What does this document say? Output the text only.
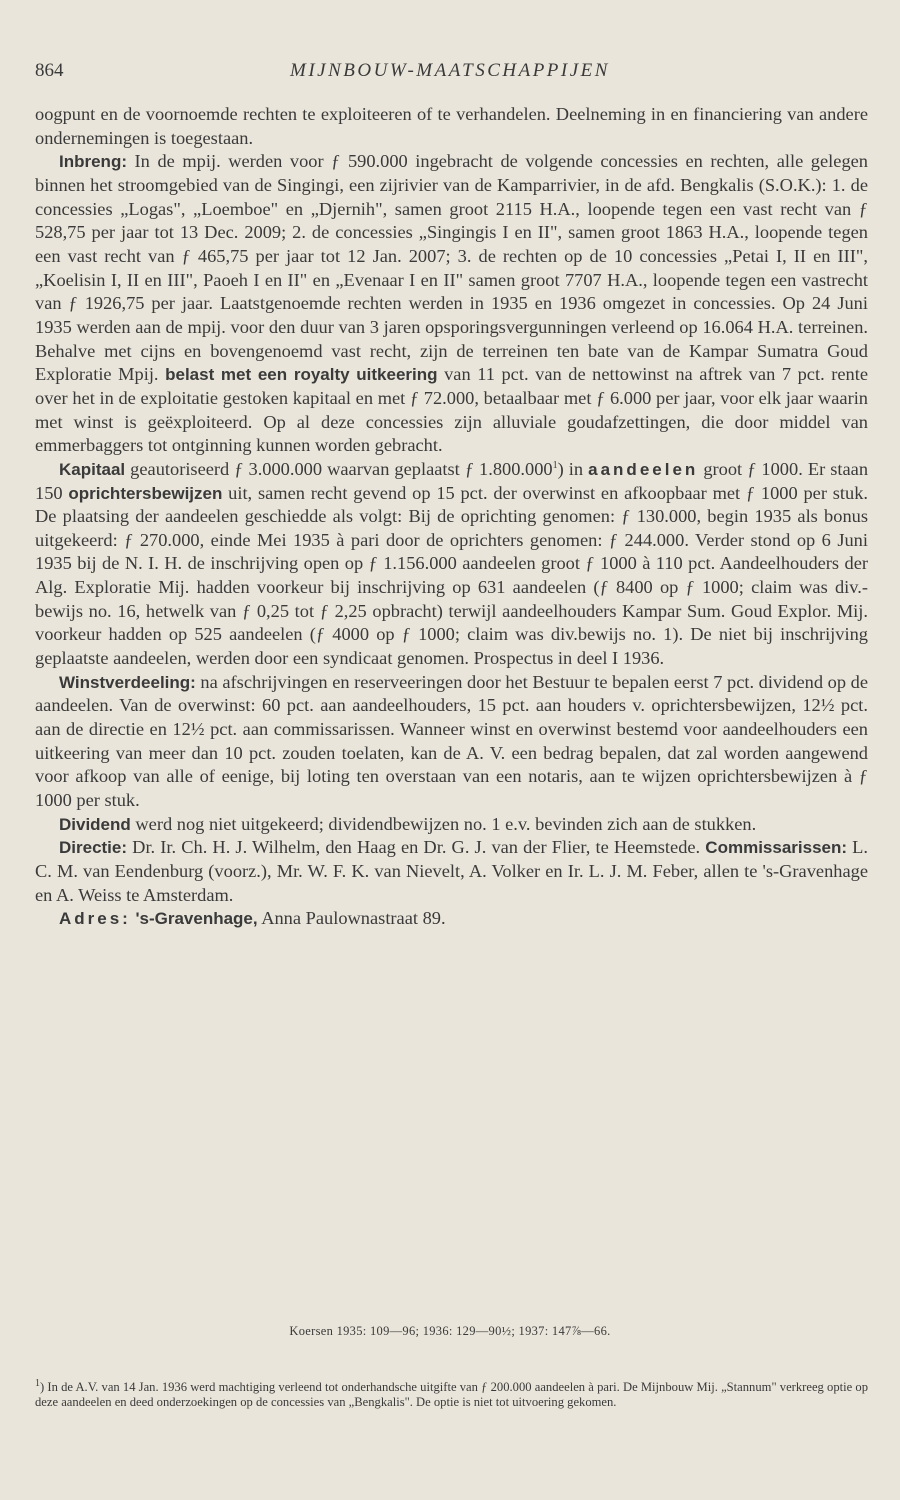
864	MIJNBOUW-MAATSCHAPPIJEN

oogpunt en de voornoemde rechten te exploiteeren of te verhandelen. Deelneming in en financiering van andere ondernemingen is toegestaan.

Inbreng: In de mpij. werden voor ƒ 590.000 ingebracht de volgende concessies en rechten, alle gelegen binnen het stroomgebied van de Singingi, een zijrivier van de Kamparrivier, in de afd. Bengkalis (S.O.K.): 1. de concessies „Logas", „Loemboe" en „Djernih", samen groot 2115 H.A., loopende tegen een vast recht van ƒ 528,75 per jaar tot 13 Dec. 2009; 2. de concessies „Singingis I en II", samen groot 1863 H.A., loopende tegen een vast recht van ƒ 465,75 per jaar tot 12 Jan. 2007; 3. de rechten op de 10 concessies „Petai I, II en III", „Koelisin I, II en III", Paoeh I en II" en „Evenaar I en II" samen groot 7707 H.A., loopende tegen een vastrecht van ƒ 1926,75 per jaar. Laatstgenoemde rechten werden in 1935 en 1936 omgezet in concessies. Op 24 Juni 1935 werden aan de mpij. voor den duur van 3 jaren opsporingsvergunningen verleend op 16.064 H.A. terreinen. Behalve met cijns en bovengenoemd vast recht, zijn de terreinen ten bate van de Kampar Sumatra Goud Exploratie Mpij. belast met een royalty uitkeering van 11 pct. van de nettowinst na aftrek van 7 pct. rente over het in de exploitatie gestoken kapitaal en met ƒ 72.000, betaalbaar met ƒ 6.000 per jaar, voor elk jaar waarin met winst is geëxploiteerd. Op al deze concessies zijn alluviale goudafzettingen, die door middel van emmerbaggers tot ontginning kunnen worden gebracht.

Kapitaal geautoriseerd ƒ 3.000.000 waarvan geplaatst ƒ 1.800.000$^1$) in aandeelen groot ƒ 1000. Er staan 150 oprichtersbewijzen uit, samen recht gevend op 15 pct. der overwinst en afkoopbaar met ƒ 1000 per stuk. De plaatsing der aandeelen geschiedde als volgt: Bij de oprichting genomen: ƒ 130.000, begin 1935 als bonus uitgekeerd: ƒ 270.000, einde Mei 1935 à pari door de oprichters genomen: ƒ 244.000. Verder stond op 6 Juni 1935 bij de N. I. H. de inschrijving open op ƒ 1.156.000 aandeelen groot ƒ 1000 à 110 pct. Aandeelhouders der Alg. Exploratie Mij. hadden voorkeur bij inschrijving op 631 aandeelen (ƒ 8400 op ƒ 1000; claim was div.-bewijs no. 16, hetwelk van ƒ 0,25 tot ƒ 2,25 opbracht) terwijl aandeelhouders Kampar Sum. Goud Explor. Mij. voorkeur hadden op 525 aandeelen (ƒ 4000 op ƒ 1000; claim was div.bewijs no. 1). De niet bij inschrijving geplaatste aandeelen, werden door een syndicaat genomen. Prospectus in deel I 1936.

Winstverdeeling: na afschrijvingen en reserveeringen door het Bestuur te bepalen eerst 7 pct. dividend op de aandeelen. Van de overwinst: 60 pct. aan aandeelhouders, 15 pct. aan houders v. oprichtersbewijzen, 12½ pct. aan de directie en 12½ pct. aan commissarissen. Wanneer winst en overwinst bestemd voor aandeelhouders een uitkeering van meer dan 10 pct. zouden toelaten, kan de A. V. een bedrag bepalen, dat zal worden aangewend voor afkoop van alle of eenige, bij loting ten overstaan van een notaris, aan te wijzen oprichtersbewijzen à ƒ 1000 per stuk.

Dividend werd nog niet uitgekeerd; dividendbewijzen no. 1 e.v. bevinden zich aan de stukken.

Directie: Dr. Ir. Ch. H. J. Wilhelm, den Haag en Dr. G. J. van der Flier, te Heemstede. Commissarissen: L. C. M. van Eendenburg (voorz.), Mr. W. F. K. van Nievelt, A. Volker en Ir. L. J. M. Feber, allen te 's-Gravenhage en A. Weiss te Amsterdam.

Adres: 's-Gravenhage, Anna Paulownastraat 89.

Koersen 1935: 109—96; 1936: 129—90½; 1937: 147⅞—66.
$^1$) In de A.V. van 14 Jan. 1936 werd machtiging verleend tot onderhandsche uitgifte van ƒ 200.000 aandeelen à pari. De Mijnbouw Mij. „Stannum" verkreeg optie op deze aandeelen en deed onderzoekingen op de concessies van „Bengkalis". De optie is niet tot uitvoering gekomen.
